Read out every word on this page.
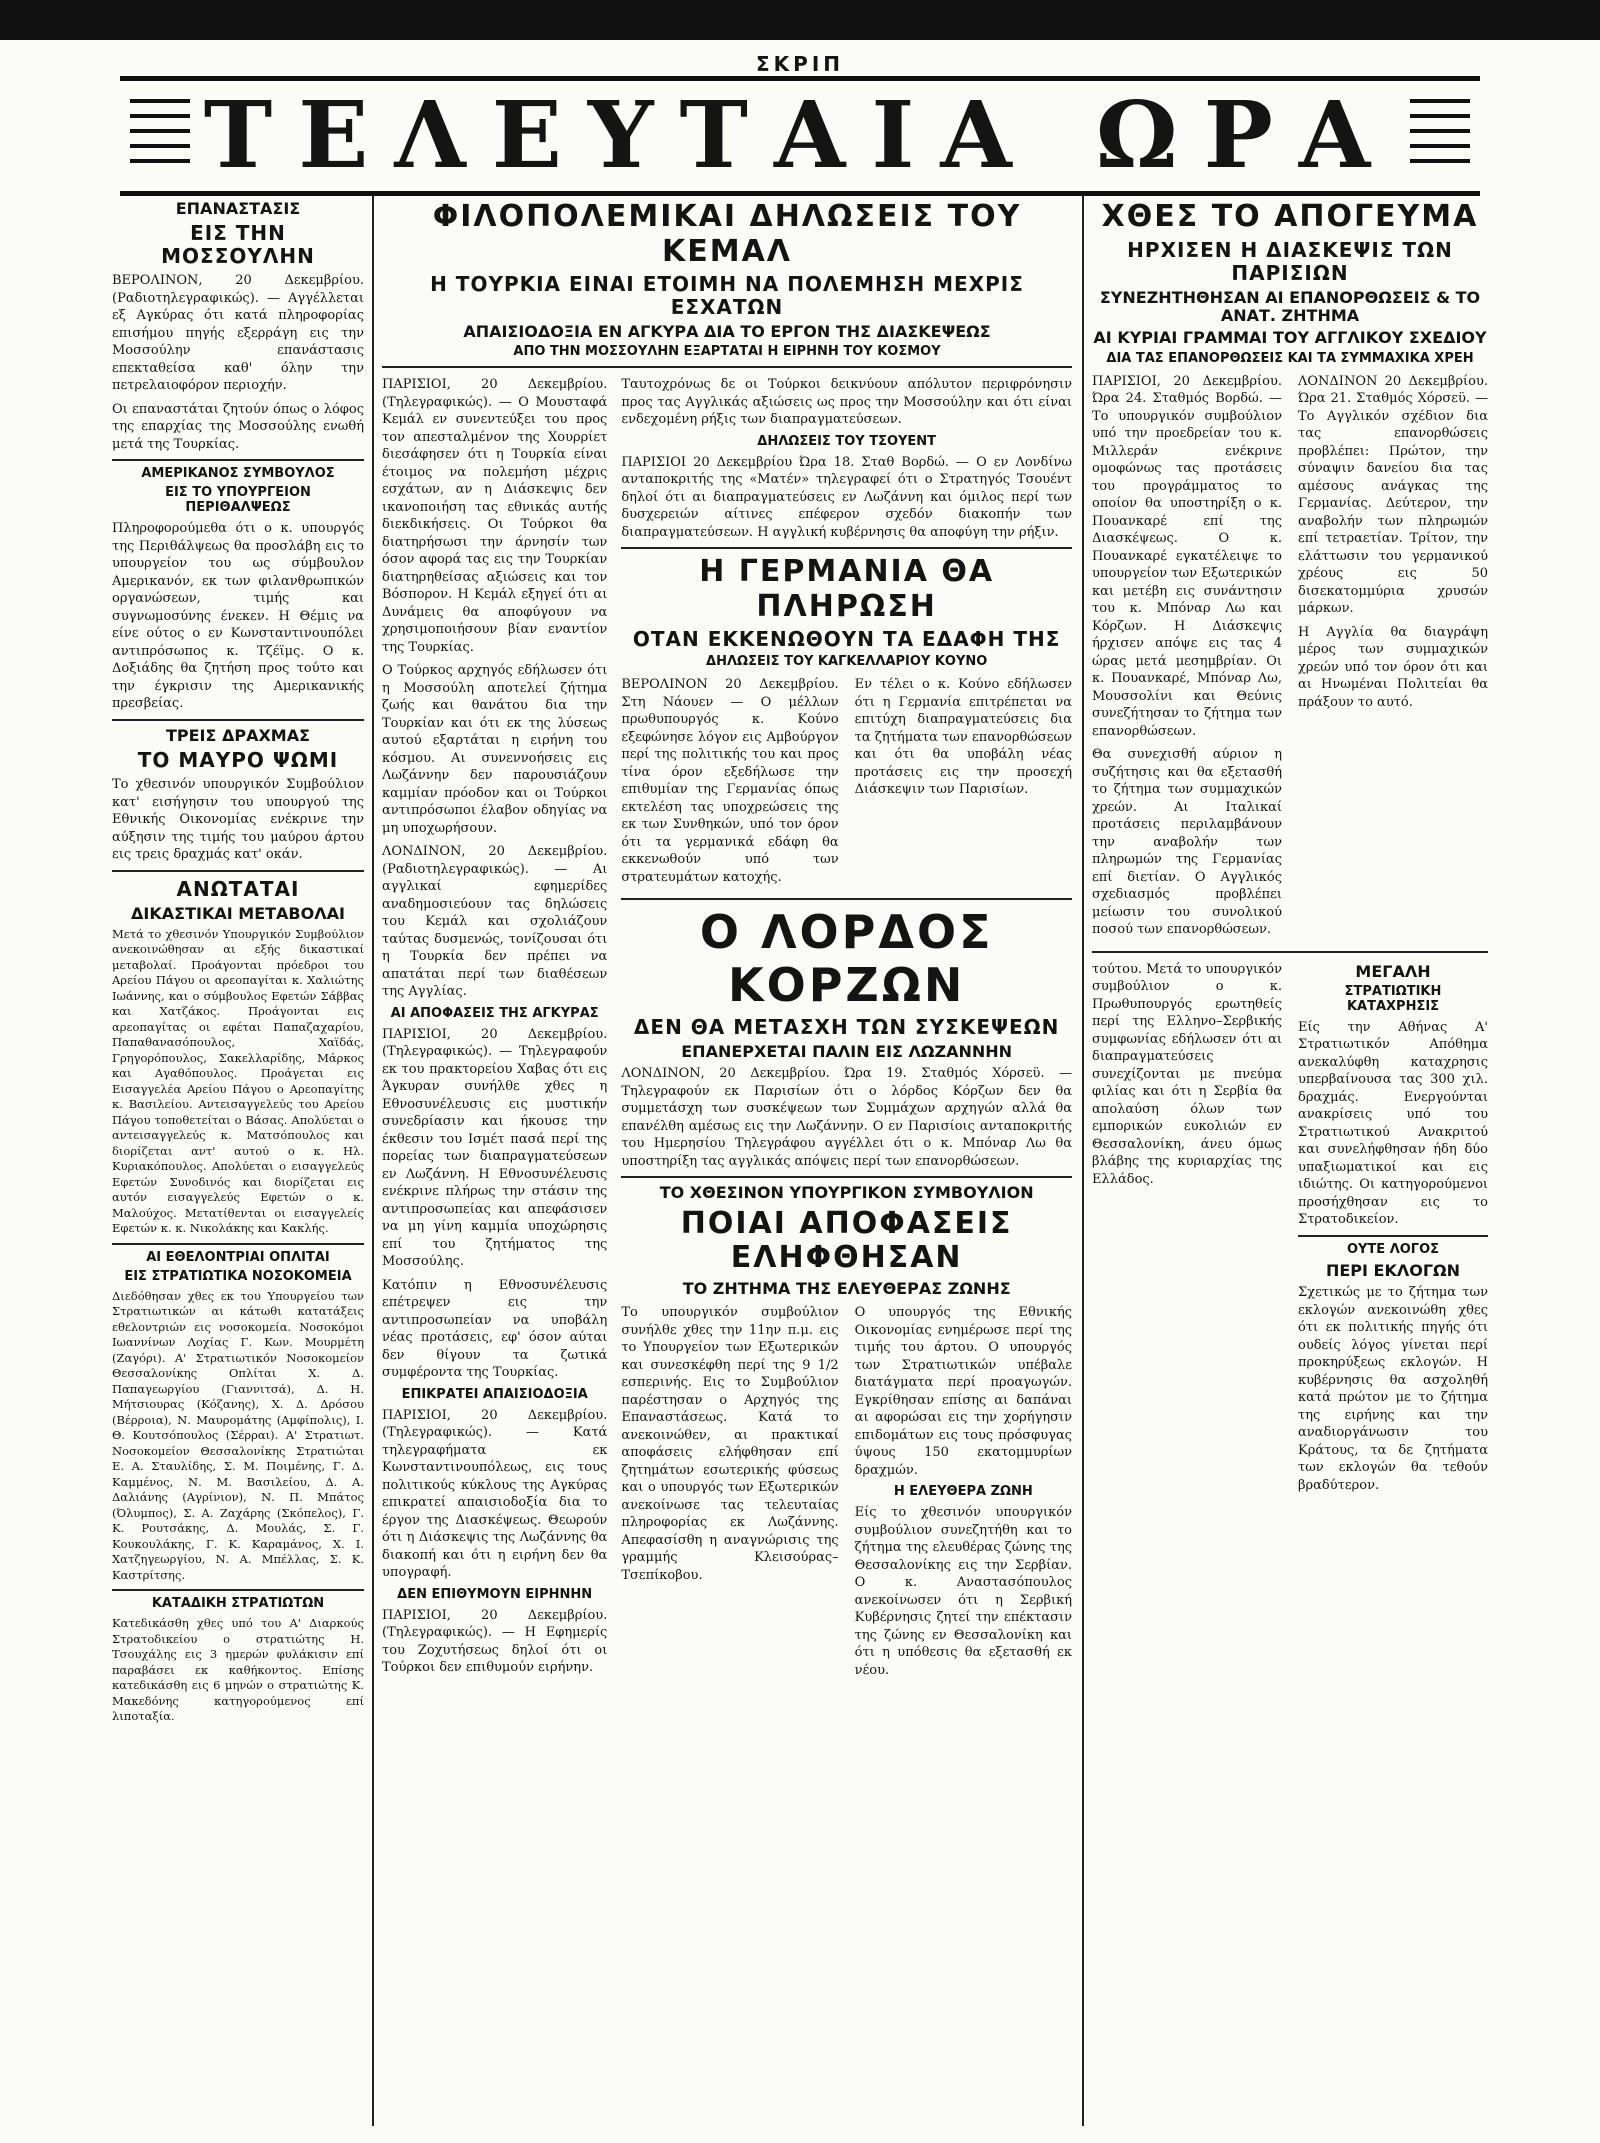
ΣΚΡΙΠ
ΤΕΛΕΥΤΑΙΑ ΩΡΑ
ΕΠΑΝΑΣΤΑΣΙΣ
ΕΙΣ ΤΗΝ ΜΟΣΣΟΥΛΗΝ
ΒΕΡΟΛΙΝΟΝ, 20 Δεκεμβρίου. (Ραδιοτηλεγραφικώς). — Αγγέλλεται εξ Αγκύρας ότι κατά πληροφορίας επισήμου πηγής εξερράγη εις την Μοσσούλην επανάστασις επεκταθείσα καθ' όλην την πετρελαιοφόρον περιοχήν.
Οι επαναστάται ζητούν όπως ο λόφος της επαρχίας της Μοσσούλης ενωθή μετά της Τουρκίας.
ΑΜΕΡΙΚΑΝΟΣ ΣΥΜΒΟΥΛΟΣ
ΕΙΣ ΤΟ ΥΠΟΥΡΓΕΙΟΝ ΠΕΡΙΘΑΛΨΕΩΣ
Πληροφορούμεθα ότι ο κ. υπουργός της Περιθάλψεως θα προσλάβη εις το υπουργείον του ως σύμβουλον Αμερικανόν, εκ των φιλανθρωπικών οργανώσεων, τιμής και συγνωμοσύνης ένεκεν. Η Θέμις να είνε ούτος ο εν Κωνσταντινουπόλει αντιπρόσωπος κ. Τζέϊμς. Ο κ. Δοξιάδης θα ζητήση προς τούτο και την έγκρισιν της Αμερικανικής πρεσβείας.
ΤΡΕΙΣ ΔΡΑΧΜΑΣ
ΤΟ ΜΑΥΡΟ ΨΩΜΙ
Το χθεσινόν υπουργικόν Συμβούλιον κατ' εισήγησιν του υπουργού της Εθνικής Οικονομίας ενέκρινε την αύξησιν της τιμής του μαύρου άρτου εις τρεις δραχμάς κατ' οκάν.
ΑΝΩΤΑΤΑΙ
ΔΙΚΑΣΤΙΚΑΙ ΜΕΤΑΒΟΛΑΙ
Μετά το χθεσινόν Υπουργικόν Συμβούλιον ανεκοινώθησαν αι εξής δικαστικαί μεταβολαί. Προάγονται πρόεδροι του Αρείου Πάγου οι αρεοπαγίται κ. Χαλιώτης Ιωάννης, και ο σύμβουλος Εφετών Σάββας και Χατζάκος. Προάγονται εις αρεοπαγίτας οι εφέται Παπαζαχαρίου, Παπαθανασόπουλος, Χαϊδάς, Γρηγορόπουλος, Σακελλαρίδης, Μάρκος και Αγαθόπουλος. Προάγεται εις Εισαγγελέα Αρείου Πάγου ο Αρεοπαγίτης κ. Βασιλείου. Αντεισαγγελεύς του Αρείου Πάγου τοποθετείται ο Βάσας. Απολύεται ο αντεισαγγελεύς κ. Ματσόπουλος και διορίζεται αντ' αυτού ο κ. Ηλ. Κυριακόπουλος. Απολύεται ο εισαγγελεύς Εφετών Συνοδινός και διορίζεται εις αυτόν εισαγγελεύς Εφετών ο κ. Μαλούχος. Μετατίθενται οι εισαγγελείς Εφετών κ. κ. Νικολάκης και Κακλής.
ΑΙ ΕΘΕΛΟΝΤΡΙΑΙ ΟΠΛΙΤΑΙ
ΕΙΣ ΣΤΡΑΤΙΩΤΙΚΑ ΝΟΣΟΚΟΜΕΙΑ
Διεδόθησαν χθες εκ του Υπουργείου των Στρατιωτικών αι κάτωθι κατατάξεις εθελοντριών εις νοσοκομεία. Νοσοκόμοι Ιωαννίνων Λοχίας Γ. Κων. Μουρμέτη (Ζαγόρι). Α' Στρατιωτικόν Νοσοκομείον Θεσσαλονίκης Οπλίται Χ. Δ. Παπαγεωργίου (Γιαννιτσά), Δ. Η. Μήτσιουρας (Κόζανης), Χ. Δ. Δρόσου (Βέρροια), Ν. Μαυρομάτης (Αμφίπολις), Ι. Θ. Κουτσόπουλος (Σέρραι). Α' Στρατιωτ. Νοσοκομείον Θεσσαλονίκης Στρατιώται Ε. Α. Σταυλίδης, Σ. Μ. Ποιμένης, Γ. Δ. Καμμένος, Ν. Μ. Βασιλείου, Δ. Α. Δαλιάνης (Αγρίνιον), Ν. Π. Μπάτος (Όλυμπος), Σ. Α. Ζαχάρης (Σκόπελος), Γ. Κ. Ρουτσάκης, Δ. Μουλάς, Σ. Γ. Κουκουλάκης, Γ. Κ. Καραμάνος, Χ. Ι. Χατζηγεωργίου, Ν. Α. Μπέλλας, Σ. Κ. Καστρίτσης.
ΚΑΤΑΔΙΚΗ ΣΤΡΑΤΙΩΤΩΝ
Κατεδικάσθη χθες υπό του Α' Διαρκούς Στρατοδικείου ο στρατιώτης Η. Τσουχάλης εις 3 ημερών φυλάκισιν επί παραβάσει εκ καθήκοντος. Επίσης κατεδικάσθη εις 6 μηνών ο στρατιώτης Κ. Μακεδόνης κατηγορούμενος επί λιποταξία.
ΦΙΛΟΠΟΛΕΜΙΚΑΙ ΔΗΛΩΣΕΙΣ ΤΟΥ ΚΕΜΑΛ
Η ΤΟΥΡΚΙΑ ΕΙΝΑΙ ΕΤΟΙΜΗ ΝΑ ΠΟΛΕΜΗΣΗ ΜΕΧΡΙΣ ΕΣΧΑΤΩΝ
ΑΠΑΙΣΙΟΔΟΞΙΑ ΕΝ ΑΓΚΥΡΑ ΔΙΑ ΤΟ ΕΡΓΟΝ ΤΗΣ ΔΙΑΣΚΕΨΕΩΣ
ΑΠΟ ΤΗΝ ΜΟΣΣΟΥΛΗΝ ΕΞΑΡΤΑΤΑΙ Η ΕΙΡΗΝΗ ΤΟΥ ΚΟΣΜΟΥ
ΠΑΡΙΣΙΟΙ, 20 Δεκεμβρίου. (Τηλεγραφικώς). — Ο Μουσταφά Κεμάλ εν συνεντεύξει του προς τον απεσταλμένον της Χουρρίετ διεσάφησεν ότι η Τουρκία είναι έτοιμος να πολεμήση μέχρις εσχάτων, αν η Διάσκεψις δεν ικανοποιήση τας εθνικάς αυτής διεκδικήσεις. Οι Τούρκοι θα διατηρήσωσι την άρνησίν των όσον αφορά τας εις την Τουρκίαν διατηρηθείσας αξιώσεις και τον Βόσπορον. Η Κεμάλ εξηγεί ότι αι Δυνάμεις θα αποφύγουν να χρησιμοποιήσουν βίαν εναντίον της Τουρκίας.
Ο Τούρκος αρχηγός εδήλωσεν ότι η Μοσσούλη αποτελεί ζήτημα ζωής και θανάτου δια την Τουρκίαν και ότι εκ της λύσεως αυτού εξαρτάται η ειρήνη του κόσμου. Αι συνεννοήσεις εις Λωζάννην δεν παρουσιάζουν καμμίαν πρόοδον και οι Τούρκοι αντιπρόσωποι έλαβον οδηγίας να μη υποχωρήσουν.
ΛΟΝΔΙΝΟΝ, 20 Δεκεμβρίου. (Ραδιοτηλεγραφικώς). — Αι αγγλικαί εφημερίδες αναδημοσιεύουν τας δηλώσεις του Κεμάλ και σχολιάζουν ταύτας δυσμενώς, τονίζουσαι ότι η Τουρκία δεν πρέπει να απατάται περί των διαθέσεων της Αγγλίας.
ΑΙ ΑΠΟΦΑΣΕΙΣ ΤΗΣ ΑΓΚΥΡΑΣ
ΠΑΡΙΣΙΟΙ, 20 Δεκεμβρίου. (Τηλεγραφικώς). — Τηλεγραφούν εκ του πρακτορείου Χαβας ότι εις Άγκυραν συνήλθε χθες η Εθνοσυνέλευσις εις μυστικήν συνεδρίασιν και ήκουσε την έκθεσιν του Ισμέτ πασά περί της πορείας των διαπραγματεύσεων εν Λωζάννη. Η Εθνοσυνέλευσις ενέκρινε πλήρως την στάσιν της αντιπροσωπείας και απεφάσισεν να μη γίνη καμμία υποχώρησις επί του ζητήματος της Μοσσούλης.
Κατόπιν η Εθνοσυνέλευσις επέτρεψεν εις την αντιπροσωπείαν να υποβάλη νέας προτάσεις, εφ' όσον αύται δεν θίγουν τα ζωτικά συμφέροντα της Τουρκίας.
ΕΠΙΚΡΑΤΕΙ ΑΠΑΙΣΙΟΔΟΞΙΑ
ΠΑΡΙΣΙΟΙ, 20 Δεκεμβρίου. (Τηλεγραφικώς). — Κατά τηλεγραφήματα εκ Κωνσταντινουπόλεως, εις τους πολιτικούς κύκλους της Αγκύρας επικρατεί απαισιοδοξία δια το έργον της Διασκέψεως. Θεωρούν ότι η Διάσκεψις της Λωζάννης θα διακοπή και ότι η ειρήνη δεν θα υπογραφή.
ΔΕΝ ΕΠΙΘΥΜΟΥΝ ΕΙΡΗΝΗΝ
ΠΑΡΙΣΙΟΙ, 20 Δεκεμβρίου. (Τηλεγραφικώς). — Η Εφημερίς του Ζοχυτήσεως δηλοί ότι οι Τούρκοι δεν επιθυμούν ειρήνην.
Ταυτοχρόνως δε οι Τούρκοι δεικνύουν απόλυτον περιφρόνησιν προς τας Αγγλικάς αξιώσεις ως προς την Μοσσούλην και ότι είναι ενδεχομένη ρήξις των διαπραγματεύσεων.
ΔΗΛΩΣΕΙΣ ΤΟΥ ΤΣΟΥΕΝΤ
ΠΑΡΙΣΙΟΙ 20 Δεκεμβρίου Ώρα 18. Σταθ Βορδώ. — Ο εν Λονδίνω ανταποκριτής της «Ματέν» τηλεγραφεί ότι ο Στρατηγός Τσουέντ δηλοί ότι αι διαπραγματεύσεις εν Λωζάννη και όμιλος περί των δυσχερειών αίτινες επέφερον σχεδόν διακοπήν των διαπραγματεύσεων. Η αγγλική κυβέρνησις θα αποφύγη την ρήξιν.
Η ΓΕΡΜΑΝΙΑ ΘΑ ΠΛΗΡΩΣΗ
ΟΤΑΝ ΕΚΚΕΝΩΘΟΥΝ ΤΑ ΕΔΑΦΗ ΤΗΣ
ΔΗΛΩΣΕΙΣ ΤΟΥ ΚΑΓΚΕΛΛΑΡΙΟΥ ΚΟΥΝΟ
ΒΕΡΟΛΙΝΟΝ 20 Δεκεμβρίου. Στη Νάουεν — Ο μέλλων πρωθυπουργός κ. Κούνο εξεφώνησε λόγον εις Αμβούργον περί της πολιτικής του και προς τίνα όρον εξεδήλωσε την επιθυμίαν της Γερμανίας όπως εκτελέση τας υποχρεώσεις της εκ των Συνθηκών, υπό τον όρον ότι τα γερμανικά εδάφη θα εκκενωθούν υπό των στρατευμάτων κατοχής.
Εν τέλει ο κ. Κούνο εδήλωσεν ότι η Γερμανία επιτρέπεται να επιτύχη διαπραγματεύσεις δια τα ζητήματα των επανορθώσεων και ότι θα υποβάλη νέας προτάσεις εις την προσεχή Διάσκεψιν των Παρισίων.
Ο ΛΟΡΔΟΣ ΚΟΡΖΩΝ
ΔΕΝ ΘΑ ΜΕΤΑΣΧΗ ΤΩΝ ΣΥΣΚΕΨΕΩΝ
ΕΠΑΝΕΡΧΕΤΑΙ ΠΑΛΙΝ ΕΙΣ ΛΩΖΑΝΝΗΝ
ΛΟΝΔΙΝΟΝ, 20 Δεκεμβρίου. Ώρα 19. Σταθμός Χόρσεϋ. — Τηλεγραφούν εκ Παρισίων ότι ο λόρδος Κόρζων δεν θα συμμετάσχη των συσκέψεων των Συμμάχων αρχηγών αλλά θα επανέλθη αμέσως εις την Λωζάννην. Ο εν Παρισίοις ανταποκριτής του Ημερησίου Τηλεγράφου αγγέλλει ότι ο κ. Μπόναρ Λω θα υποστηρίξη τας αγγλικάς απόψεις περί των επανορθώσεων.
ΤΟ ΧΘΕΣΙΝΟΝ ΥΠΟΥΡΓΙΚΟΝ ΣΥΜΒΟΥΛΙΟΝ
ΠΟΙΑΙ ΑΠΟΦΑΣΕΙΣ ΕΛΗΦΘΗΣΑΝ
ΤΟ ΖΗΤΗΜΑ ΤΗΣ ΕΛΕΥΘΕΡΑΣ ΖΩΝΗΣ
Το υπουργικόν συμβούλιον συνήλθε χθες την 11ην π.μ. εις το Υπουργείον των Εξωτερικών και συνεσκέφθη περί της 9 1/2 εσπερινής. Εις το Συμβούλιον παρέστησαν ο Αρχηγός της Επαναστάσεως. Κατά το ανεκοινώθεν, αι πρακτικαί αποφάσεις ελήφθησαν επί ζητημάτων εσωτερικής φύσεως και ο υπουργός των Εξωτερικών ανεκοίνωσε τας τελευταίας πληροφορίας εκ Λωζάννης. Απεφασίσθη η αναγνώρισις της γραμμής Κλεισούρας–Τσεπίκοβου.
Ο υπουργός της Εθνικής Οικονομίας ενημέρωσε περί της τιμής του άρτου. Ο υπουργός των Στρατιωτικών υπέβαλε διατάγματα περί προαγωγών. Εγκρίθησαν επίσης αι δαπάναι αι αφορώσαι εις την χορήγησιν επιδομάτων εις τους πρόσφυγας ύψους 150 εκατομμυρίων δραχμών.
Η ΕΛΕΥΘΕΡΑ ΖΩΝΗ
Είς το χθεσινόν υπουργικόν συμβούλιον συνεζητήθη και το ζήτημα της ελευθέρας ζώνης της Θεσσαλονίκης εις την Σερβίαν. Ο κ. Αναστασόπουλος ανεκοίνωσεν ότι η Σερβική Κυβέρνησις ζητεί την επέκτασιν της ζώνης εν Θεσσαλονίκη και ότι η υπόθεσις θα εξετασθή εκ νέου.
ΧΘΕΣ ΤΟ ΑΠΟΓΕΥΜΑ
ΗΡΧΙΣΕΝ Η ΔΙΑΣΚΕΨΙΣ ΤΩΝ ΠΑΡΙΣΙΩΝ
ΣΥΝΕΖΗΤΗΘΗΣΑΝ ΑΙ ΕΠΑΝΟΡΘΩΣΕΙΣ & ΤΟ ΑΝΑΤ. ΖΗΤΗΜΑ
ΑΙ ΚΥΡΙΑΙ ΓΡΑΜΜΑΙ ΤΟΥ ΑΓΓΛΙΚΟΥ ΣΧΕΔΙΟΥ
ΔΙΑ ΤΑΣ ΕΠΑΝΟΡΘΩΣΕΙΣ ΚΑΙ ΤΑ ΣΥΜΜΑΧΙΚΑ ΧΡΕΗ
ΠΑΡΙΣΙΟΙ, 20 Δεκεμβρίου. Ώρα 24. Σταθμός Βορδώ. — Το υπουργικόν συμβούλιον υπό την προεδρείαν του κ. Μιλλεράν ενέκρινε ομοφώνως τας προτάσεις του προγράμματος το οποίον θα υποστηρίξη ο κ. Πουανκαρέ επί της Διασκέψεως. Ο κ. Πουανκαρέ εγκατέλειψε το υπουργείον των Εξωτερικών και μετέβη εις συνάντησιν του κ. Μπόναρ Λω και Κόρζων. Η Διάσκεψις ήρχισεν απόψε εις τας 4 ώρας μετά μεσημβρίαν. Οι κ. Πουανκαρέ, Μπόναρ Λω, Μουσσολίνι και Θεύνις συνεζήτησαν το ζήτημα των επανορθώσεων.
Θα συνεχισθή αύριον η συζήτησις και θα εξετασθή το ζήτημα των συμμαχικών χρεών. Αι Ιταλικαί προτάσεις περιλαμβάνουν την αναβολήν των πληρωμών της Γερμανίας επί διετίαν. Ο Αγγλικός σχεδιασμός προβλέπει μείωσιν του συνολικού ποσού των επανορθώσεων.
ΛΟΝΔΙΝΟΝ 20 Δεκεμβρίου. Ώρα 21. Σταθμός Χόρσεϋ. — Το Αγγλικόν σχέδιον δια τας επανορθώσεις προβλέπει: Πρώτον, την σύναψιν δανείου δια τας αμέσους ανάγκας της Γερμανίας. Δεύτερον, την αναβολήν των πληρωμών επί τετραετίαν. Τρίτον, την ελάττωσιν του γερμανικού χρέους εις 50 δισεκατομμύρια χρυσών μάρκων.
Η Αγγλία θα διαγράψη μέρος των συμμαχικών χρεών υπό τον όρον ότι και αι Ηνωμέναι Πολιτείαι θα πράξουν το αυτό.
τούτου. Μετά το υπουργικόν συμβούλιον ο κ. Πρωθυπουργός ερωτηθείς περί της Ελληνο–Σερβικής συμφωνίας εδήλωσεν ότι αι διαπραγματεύσεις συνεχίζονται με πνεύμα φιλίας και ότι η Σερβία θα απολαύση όλων των εμπορικών ευκολιών εν Θεσσαλονίκη, άνευ όμως βλάβης της κυριαρχίας της Ελλάδος.
ΜΕΓΑΛΗ
ΣΤΡΑΤΙΩΤΙΚΗ ΚΑΤΑΧΡΗΣΙΣ
Είς την Αθήνας Α' Στρατιωτικόν Απόθημα ανεκαλύφθη καταχρησις υπερβαίνουσα τας 300 χιλ. δραχμάς. Ενεργούνται ανακρίσεις υπό του Στρατιωτικού Ανακριτού και συνελήφθησαν ήδη δύο υπαξιωματικοί και εις ιδιώτης. Οι κατηγορούμενοι προσήχθησαν εις το Στρατοδικείον.
ΟΥΤΕ ΛΟΓΟΣ
ΠΕΡΙ ΕΚΛΟΓΩΝ
Σχετικώς με το ζήτημα των εκλογών ανεκοινώθη χθες ότι εκ πολιτικής πηγής ότι ουδείς λόγος γίνεται περί προκηρύξεως εκλογών. Η κυβέρνησις θα ασχοληθή κατά πρώτον με το ζήτημα της ειρήνης και την αναδιοργάνωσιν του Κράτους, τα δε ζητήματα των εκλογών θα τεθούν βραδύτερον.
